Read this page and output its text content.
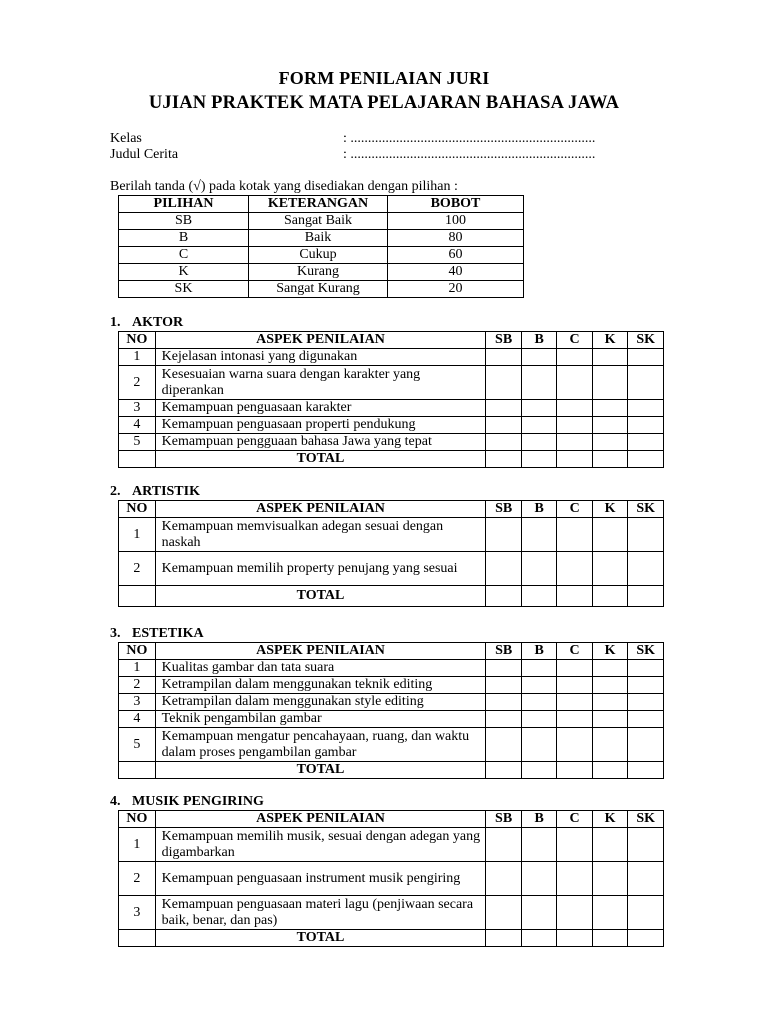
FORM PENILAIAN JURI
UJIAN PRAKTEK MATA PELAJARAN BAHASA JAWA
Kelas	: ......................................................................
Judul Cerita	: ......................................................................
Berilah tanda (√) pada kotak yang disediakan dengan pilihan :
PILIHAN	KETERANGAN	BOBOT
SB	Sangat Baik	100
B	Baik	80
C	Cukup	60
K	Kurang	40
SK	Sangat Kurang	20
1. AKTOR
NO	ASPEK PENILAIAN	SB	B	C	K	SK
1	Kejelasan intonasi yang digunakan					
2	Kesesuaian warna suara dengan karakter yang diperankan					
3	Kemampuan penguasaan karakter					
4	Kemampuan penguasaan properti pendukung					
5	Kemampuan pengguaan bahasa Jawa yang tepat					
	TOTAL					
2. ARTISTIK
NO	ASPEK PENILAIAN	SB	B	C	K	SK
1	Kemampuan memvisualkan adegan sesuai dengan naskah					
2	Kemampuan memilih property penujang yang sesuai					
	TOTAL					
3. ESTETIKA
NO	ASPEK PENILAIAN	SB	B	C	K	SK
1	Kualitas gambar dan tata suara					
2	Ketrampilan dalam menggunakan teknik editing					
3	Ketrampilan dalam menggunakan style editing					
4	Teknik pengambilan gambar					
5	Kemampuan mengatur pencahayaan, ruang, dan waktu dalam proses pengambilan gambar					
	TOTAL					
4. MUSIK PENGIRING
NO	ASPEK PENILAIAN	SB	B	C	K	SK
1	Kemampuan memilih musik, sesuai dengan adegan yang digambarkan					
2	Kemampuan penguasaan instrument musik pengiring					
3	Kemampuan penguasaan materi lagu (penjiwaan secara baik, benar, dan pas)					
	TOTAL					
